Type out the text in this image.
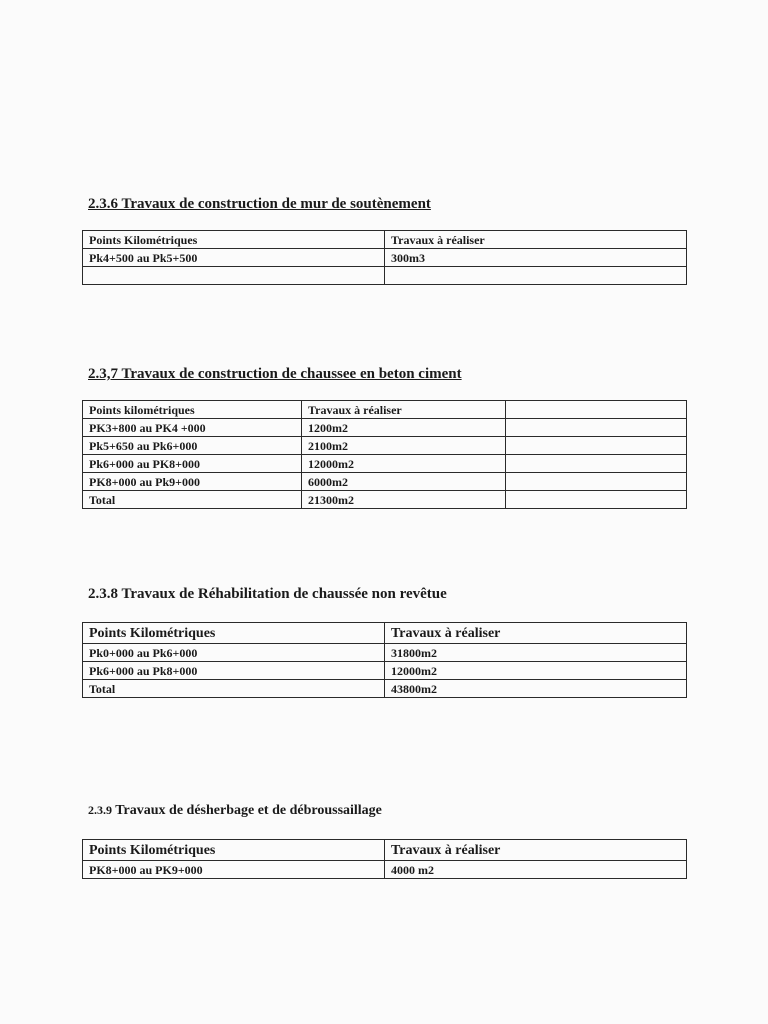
2.3.6 Travaux de construction de mur de soutènement
Points Kilométriques	Travaux à réaliser
Pk4+500 au Pk5+500	300m3

2.3,7 Travaux de construction de chaussee en beton ciment
Points kilométriques	Travaux à réaliser	
PK3+800 au PK4 +000	1200m2	
Pk5+650 au Pk6+000	2100m2	
Pk6+000 au PK8+000	12000m2	
PK8+000 au Pk9+000	6000m2	
Total	21300m2	
2.3.8 Travaux de Réhabilitation de chaussée non revêtue
Points Kilométriques	Travaux à réaliser
Pk0+000 au Pk6+000	31800m2
Pk6+000 au Pk8+000	12000m2
Total	43800m2
2.3.9 Travaux de désherbage et de débroussaillage
Points Kilométriques	Travaux à réaliser
PK8+000 au PK9+000	4000 m2
